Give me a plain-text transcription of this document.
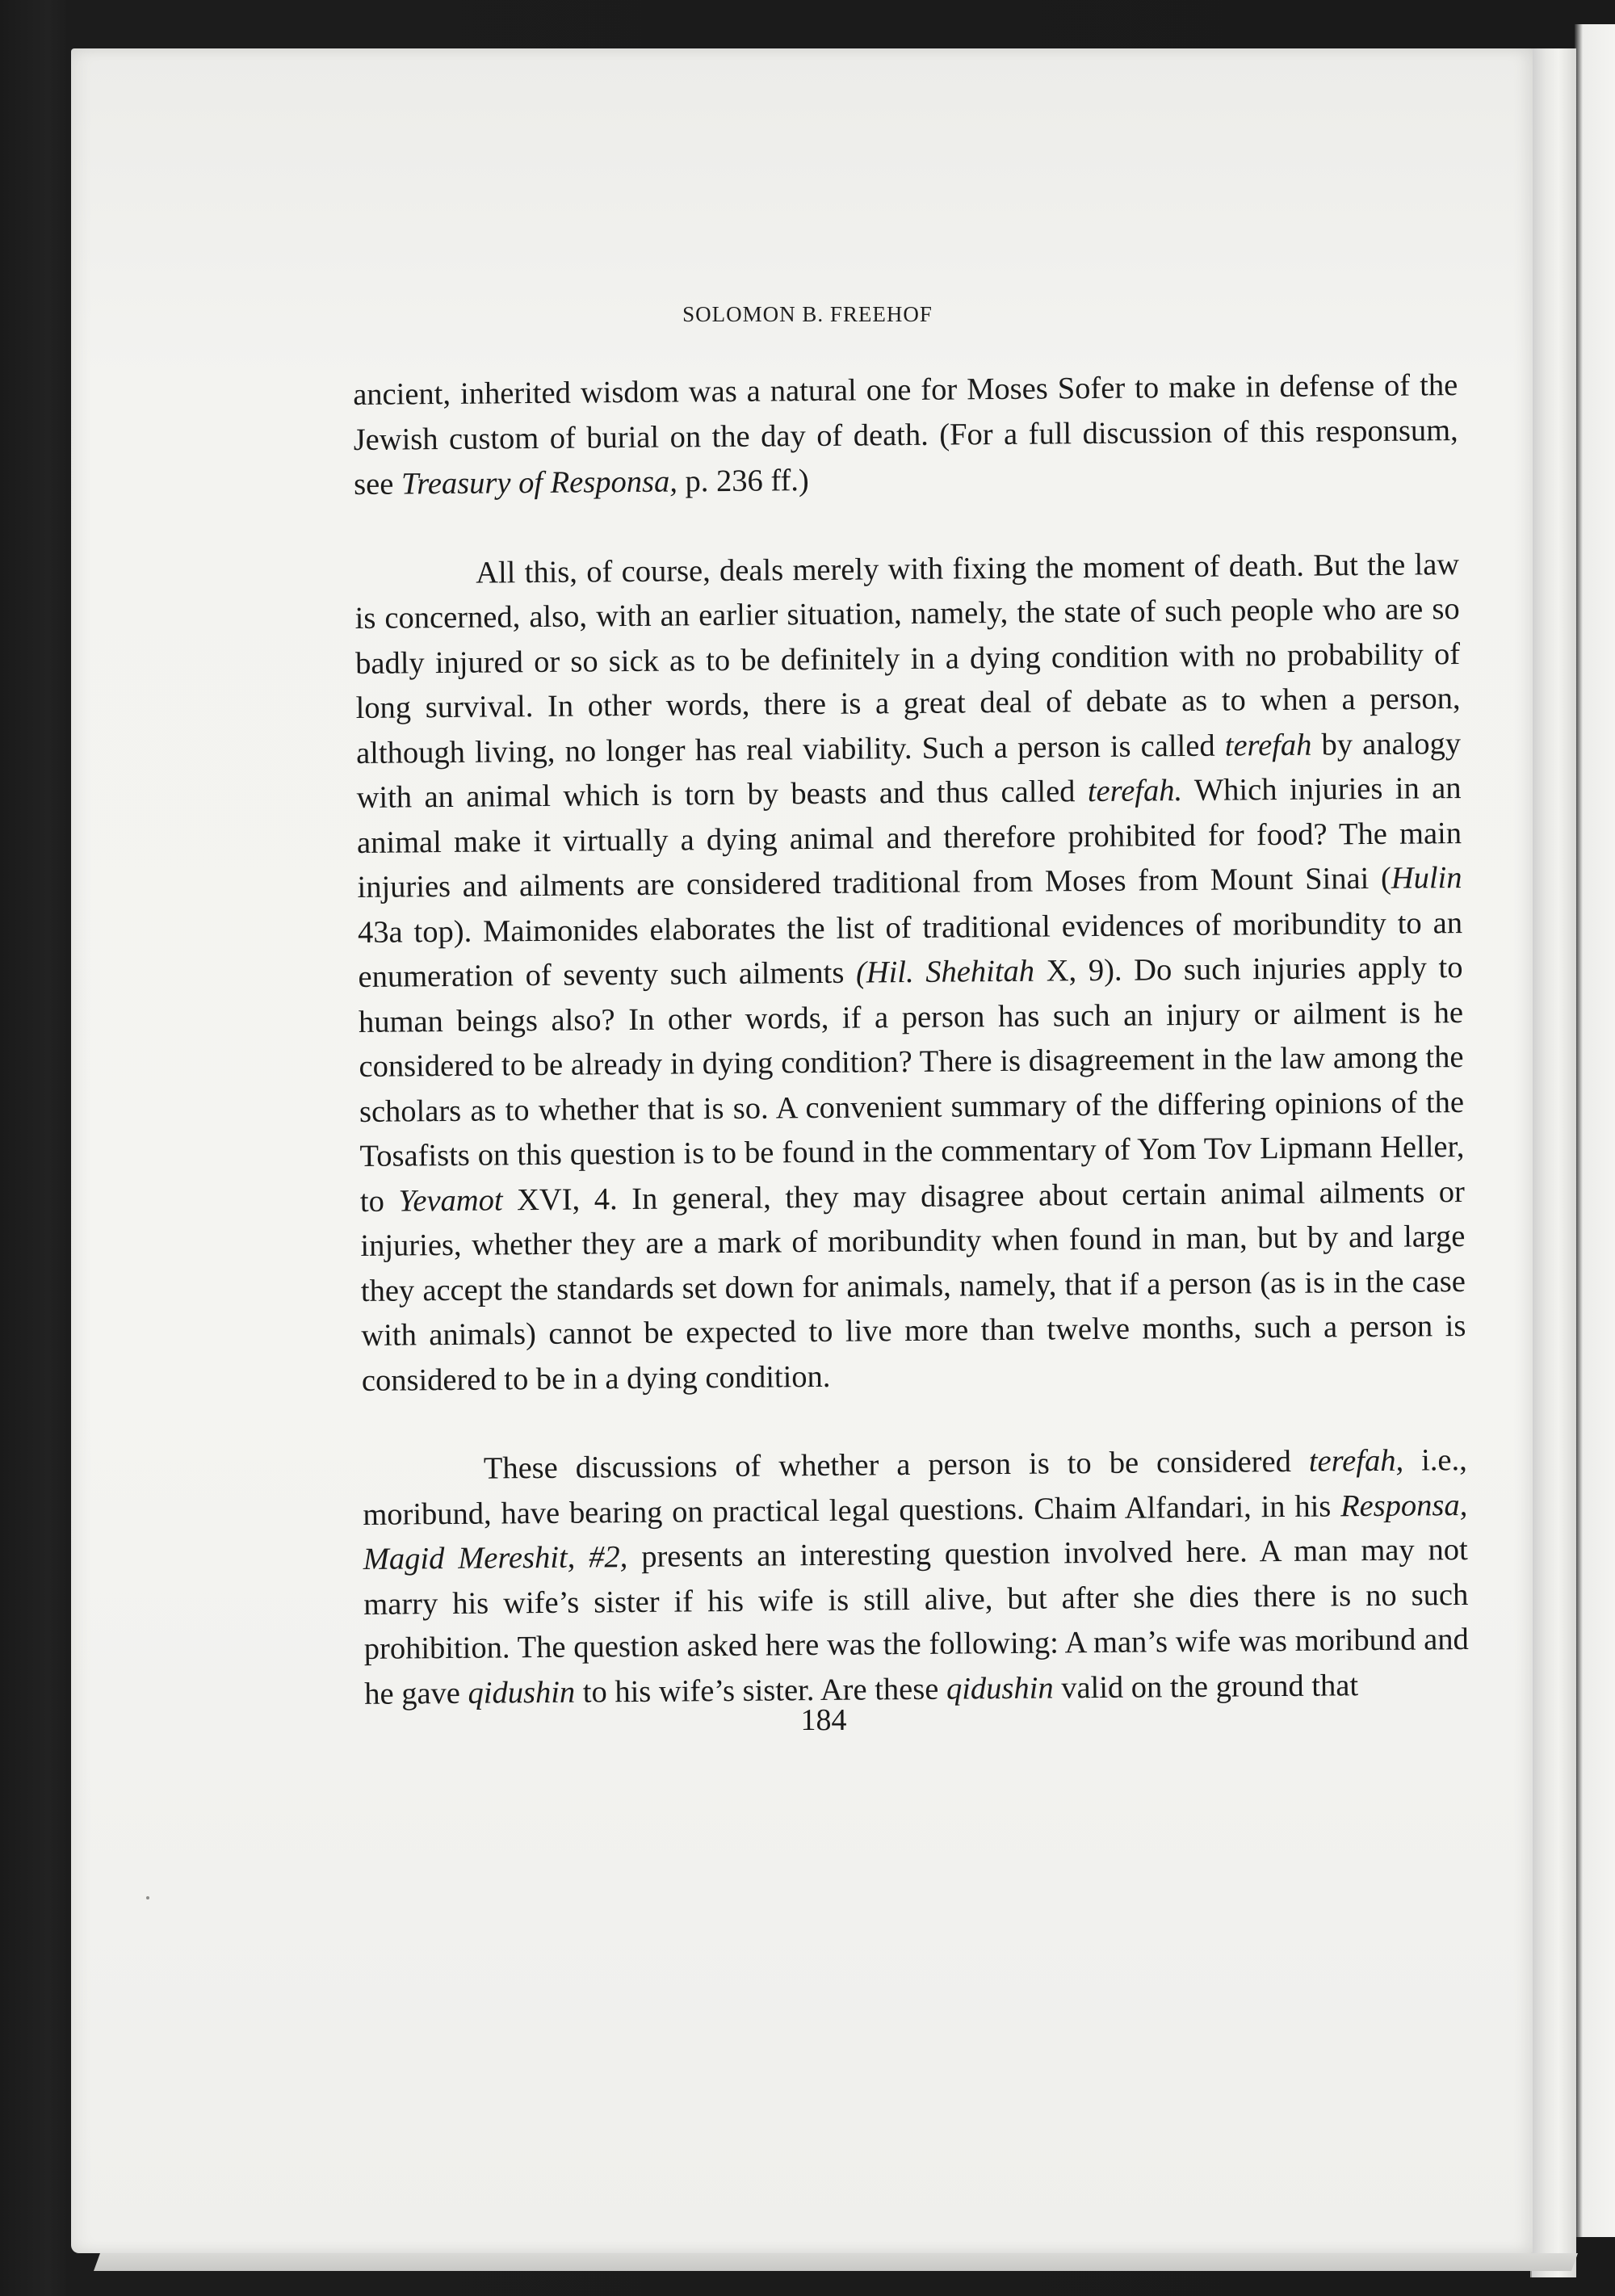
SOLOMON B. FREEHOF

ancient, inherited wisdom was a natural one for Moses Sofer to make in defense of the Jewish custom of burial on the day of death. (For a full discussion of this responsum, see Treasury of Responsa, p. 236 ff.)

All this, of course, deals merely with fixing the moment of death. But the law is concerned, also, with an earlier situation, namely, the state of such people who are so badly injured or so sick as to be definitely in a dying condition with no probability of long survival. In other words, there is a great deal of debate as to when a person, although living, no longer has real viability. Such a person is called terefah by analogy with an animal which is torn by beasts and thus called terefah. Which injuries in an animal make it virtually a dying animal and therefore prohibited for food? The main injuries and ailments are considered traditional from Moses from Mount Sinai (Hulin 43a top). Maimonides elaborates the list of traditional evidences of moribundity to an enumeration of seventy such ailments (Hil. Shehitah X, 9). Do such injuries apply to human beings also? In other words, if a person has such an injury or ailment is he considered to be already in dying condition? There is disagreement in the law among the scholars as to whether that is so. A convenient summary of the differing opinions of the Tosafists on this question is to be found in the commentary of Yom Tov Lipmann Heller, to Yevamot XVI, 4. In general, they may disagree about certain animal ailments or injuries, whether they are a mark of moribundity when found in man, but by and large they accept the standards set down for animals, namely, that if a person (as is in the case with animals) cannot be expected to live more than twelve months, such a person is considered to be in a dying condition.

These discussions of whether a person is to be considered terefah, i.e., moribund, have bearing on practical legal questions. Chaim Alfandari, in his Responsa, Magid Mereshit, #2, presents an interesting question involved here. A man may not marry his wife’s sister if his wife is still alive, but after she dies there is no such prohibition. The question asked here was the following: A man’s wife was moribund and he gave qidushin to his wife’s sister. Are these qidushin valid on the ground that

184
